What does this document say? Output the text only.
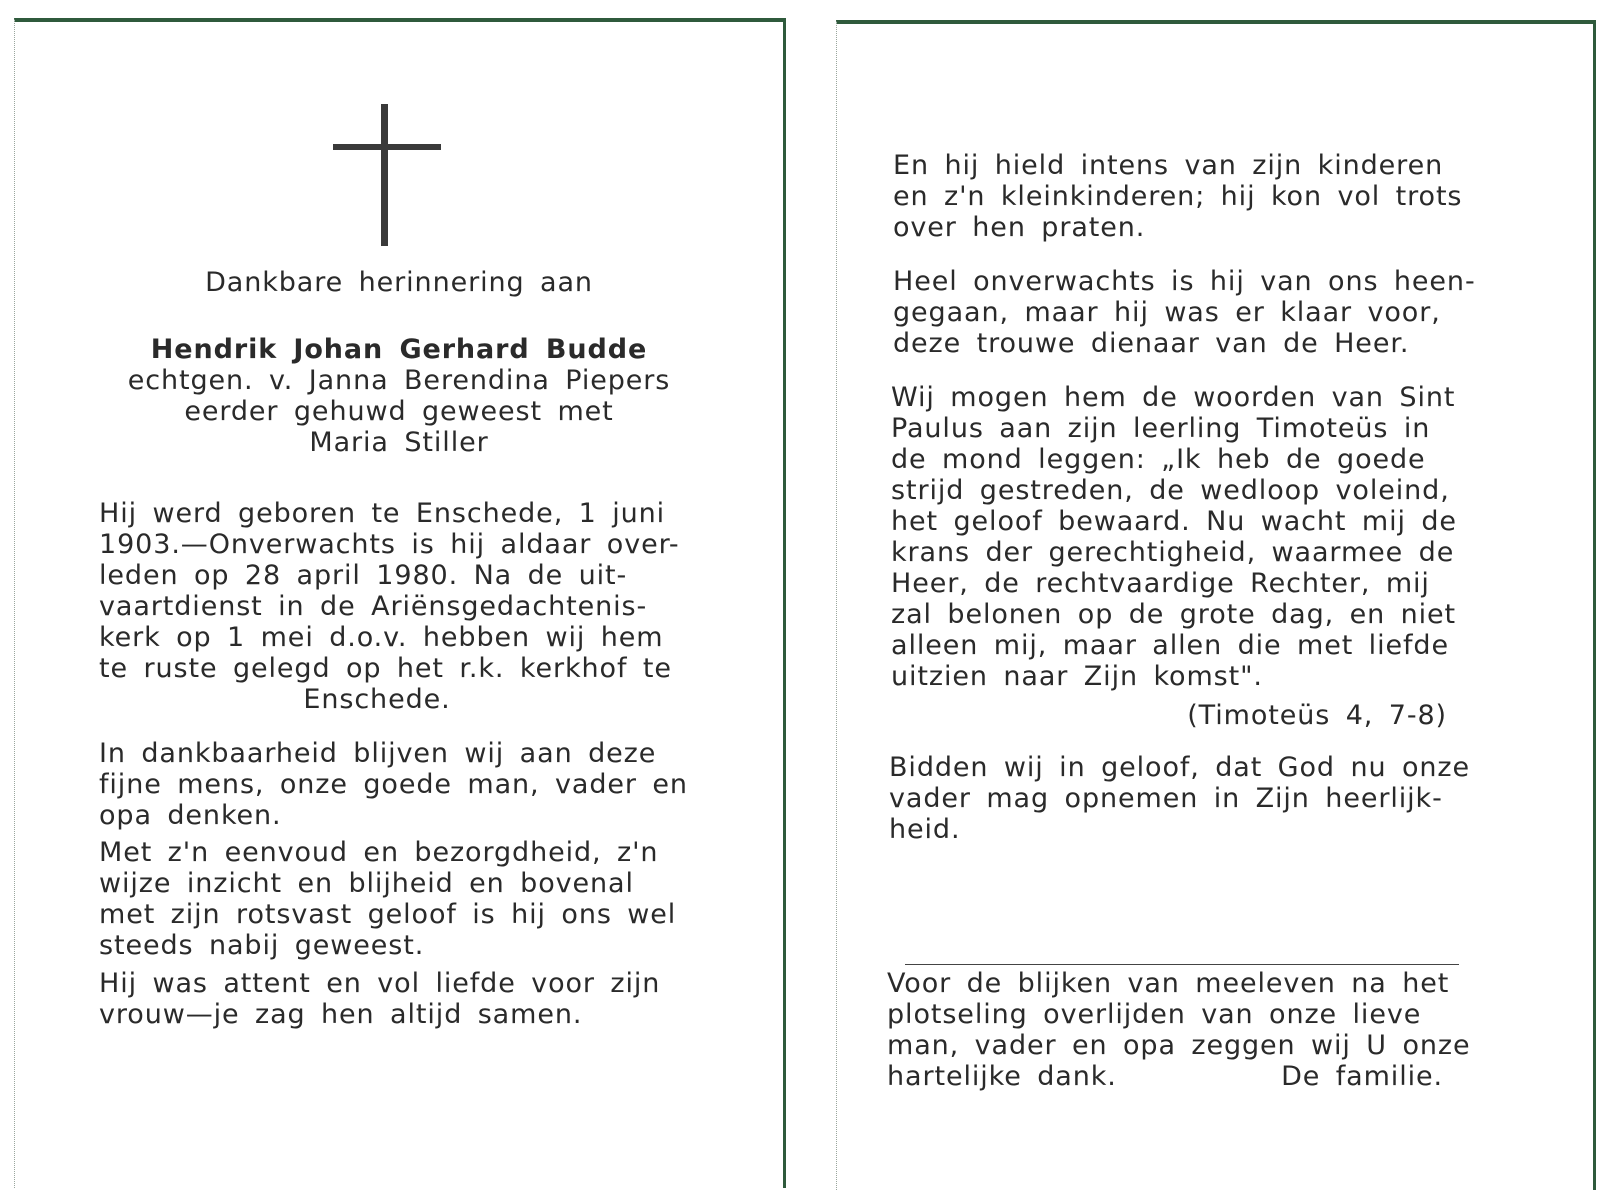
Dankbare herinnering aan
Hendrik Johan Gerhard Budde
echtgen. v. Janna Berendina Piepers
eerder gehuwd geweest met
Maria Stiller
Hij werd geboren te Enschede, 1 juni
1903.—Onverwachts is hij aldaar over-
leden op 28 april 1980. Na de uit-
vaartdienst in de Ariënsgedachtenis-
kerk op 1 mei d.o.v. hebben wij hem
te ruste gelegd op het r.k. kerkhof te
Enschede.
In dankbaarheid blijven wij aan deze
fijne mens, onze goede man, vader en
opa denken.
Met z'n eenvoud en bezorgdheid, z'n
wijze inzicht en blijheid en bovenal
met zijn rotsvast geloof is hij ons wel
steeds nabij geweest.
Hij was attent en vol liefde voor zijn
vrouw—je zag hen altijd samen.
En hij hield intens van zijn kinderen
en z'n kleinkinderen; hij kon vol trots
over hen praten.
Heel onverwachts is hij van ons heen-
gegaan, maar hij was er klaar voor,
deze trouwe dienaar van de Heer.
Wij mogen hem de woorden van Sint
Paulus aan zijn leerling Timoteüs in
de mond leggen: „Ik heb de goede
strijd gestreden, de wedloop voleind,
het geloof bewaard. Nu wacht mij de
krans der gerechtigheid, waarmee de
Heer, de rechtvaardige Rechter, mij
zal belonen op de grote dag, en niet
alleen mij, maar allen die met liefde
uitzien naar Zijn komst".
(Timoteüs 4, 7-8)
Bidden wij in geloof, dat God nu onze
vader mag opnemen in Zijn heerlijk-
heid.
Voor de blijken van meeleven na het
plotseling overlijden van onze lieve
man, vader en opa zeggen wij U onze
hartelijke dank.	De familie.
